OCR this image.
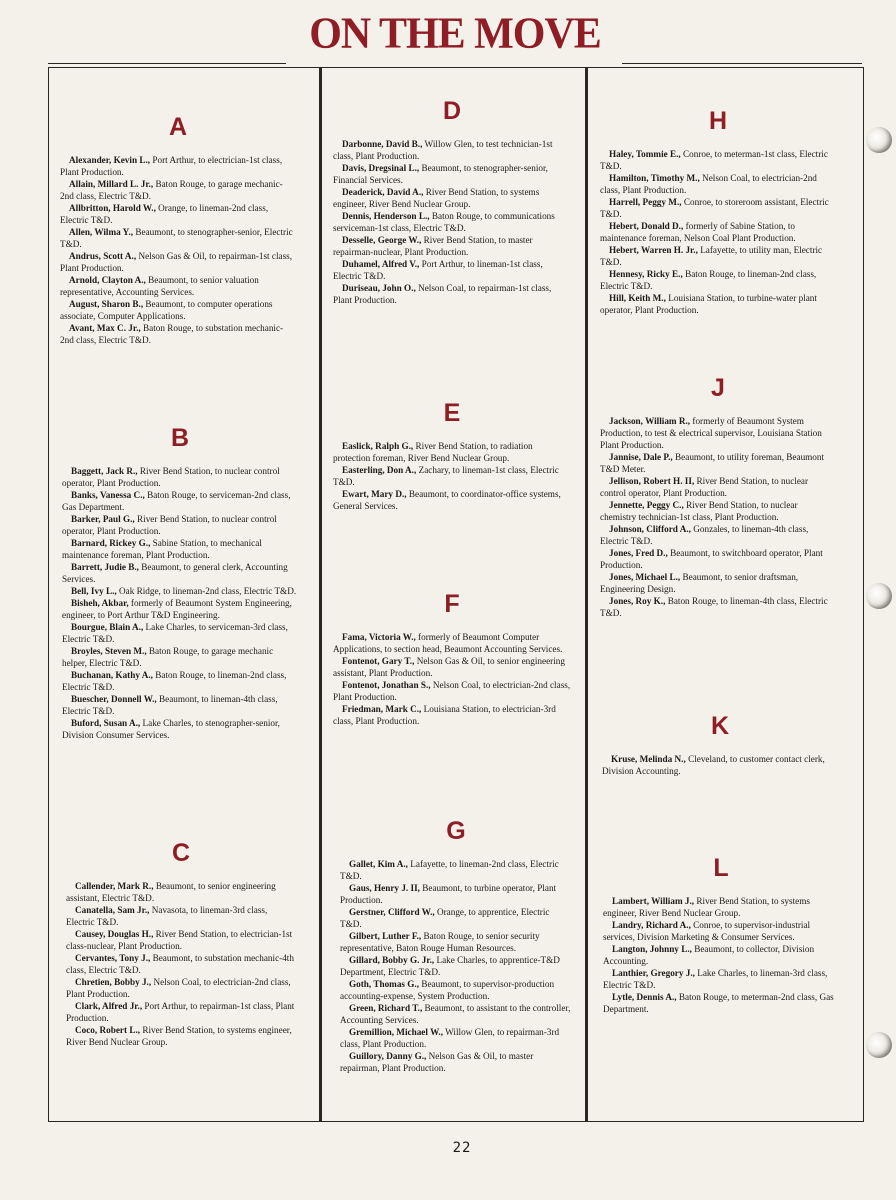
ON THE MOVE
A

Alexander, Kevin L., Port Arthur, to electrician-1st class, Plant Production.

Allain, Millard L. Jr., Baton Rouge, to garage mechanic-2nd class, Electric T&D.

Allbritton, Harold W., Orange, to lineman-2nd class, Electric T&D.

Allen, Wilma Y., Beaumont, to stenographer-senior, Electric T&D.

Andrus, Scott A., Nelson Gas & Oil, to repairman-1st class, Plant Production.

Arnold, Clayton A., Beaumont, to senior valuation representative, Accounting Services.

August, Sharon B., Beaumont, to computer operations associate, Computer Applications.

Avant, Max C. Jr., Baton Rouge, to substation mechanic-2nd class, Electric T&D.

B

Baggett, Jack R., River Bend Station, to nuclear control operator, Plant Production.

Banks, Vanessa C., Baton Rouge, to serviceman-2nd class, Gas Department.

Barker, Paul G., River Bend Station, to nuclear control operator, Plant Production.

Barnard, Rickey G., Sabine Station, to mechanical maintenance foreman, Plant Production.

Barrett, Judie B., Beaumont, to general clerk, Accounting Services.

Bell, Ivy L., Oak Ridge, to lineman-2nd class, Electric T&D.

Bisheh, Akbar, formerly of Beaumont System Engineering, engineer, to Port Arthur T&D Engineering.

Bourgue, Blain A., Lake Charles, to serviceman-3rd class, Electric T&D.

Broyles, Steven M., Baton Rouge, to garage mechanic helper, Electric T&D.

Buchanan, Kathy A., Baton Rouge, to lineman-2nd class, Electric T&D.

Buescher, Donnell W., Beaumont, to lineman-4th class, Electric T&D.

Buford, Susan A., Lake Charles, to stenographer-senior, Division Consumer Services.

C

Callender, Mark R., Beaumont, to senior engineering assistant, Electric T&D.

Canatella, Sam Jr., Navasota, to lineman-3rd class, Electric T&D.

Causey, Douglas H., River Bend Station, to electrician-1st class-nuclear, Plant Production.

Cervantes, Tony J., Beaumont, to substation mechanic-4th class, Electric T&D.

Chretien, Bobby J., Nelson Coal, to electrician-2nd class, Plant Production.

Clark, Alfred Jr., Port Arthur, to repairman-1st class, Plant Production.

Coco, Robert L., River Bend Station, to systems engineer, River Bend Nuclear Group.

D

Darbonne, David B., Willow Glen, to test technician-1st class, Plant Production.

Davis, Dregsinal L., Beaumont, to stenographer-senior, Financial Services.

Deaderick, David A., River Bend Station, to systems engineer, River Bend Nuclear Group.

Dennis, Henderson L., Baton Rouge, to communications serviceman-1st class, Electric T&D.

Desselle, George W., River Bend Station, to master repairman-nuclear, Plant Production.

Duhamel, Alfred V., Port Arthur, to lineman-1st class, Electric T&D.

Duriseau, John O., Nelson Coal, to repairman-1st class, Plant Production.

E

Easlick, Ralph G., River Bend Station, to radiation protection foreman, River Bend Nuclear Group.

Easterling, Don A., Zachary, to lineman-1st class, Electric T&D.

Ewart, Mary D., Beaumont, to coordinator-office systems, General Services.

F

Fama, Victoria W., formerly of Beaumont Computer Applications, to section head, Beaumont Accounting Services.

Fontenot, Gary T., Nelson Gas & Oil, to senior engineering assistant, Plant Production.

Fontenot, Jonathan S., Nelson Coal, to electrician-2nd class, Plant Production.

Friedman, Mark C., Louisiana Station, to electrician-3rd class, Plant Production.

G

Gallet, Kim A., Lafayette, to lineman-2nd class, Electric T&D.

Gaus, Henry J. II, Beaumont, to turbine operator, Plant Production.

Gerstner, Clifford W., Orange, to apprentice, Electric T&D.

Gilbert, Luther F., Baton Rouge, to senior security representative, Baton Rouge Human Resources.

Gillard, Bobby G. Jr., Lake Charles, to apprentice-T&D Department, Electric T&D.

Goth, Thomas G., Beaumont, to supervisor-production accounting-expense, System Production.

Green, Richard T., Beaumont, to assistant to the controller, Accounting Services.

Gremillion, Michael W., Willow Glen, to repairman-3rd class, Plant Production.

Guillory, Danny G., Nelson Gas & Oil, to master repairman, Plant Production.

H

Haley, Tommie E., Conroe, to meterman-1st class, Electric T&D.

Hamilton, Timothy M., Nelson Coal, to electrician-2nd class, Plant Production.

Harrell, Peggy M., Conroe, to storeroom assistant, Electric T&D.

Hebert, Donald D., formerly of Sabine Station, to maintenance foreman, Nelson Coal Plant Production.

Hebert, Warren H. Jr., Lafayette, to utility man, Electric T&D.

Hennesy, Ricky E., Baton Rouge, to lineman-2nd class, Electric T&D.

Hill, Keith M., Louisiana Station, to turbine-water plant operator, Plant Production.

J

Jackson, William R., formerly of Beaumont System Production, to test & electrical supervisor, Louisiana Station Plant Production.

Jannise, Dale P., Beaumont, to utility foreman, Beaumont T&D Meter.

Jellison, Robert H. II, River Bend Station, to nuclear control operator, Plant Production.

Jennette, Peggy C., River Bend Station, to nuclear chemistry technician-1st class, Plant Production.

Johnson, Clifford A., Gonzales, to lineman-4th class, Electric T&D.

Jones, Fred D., Beaumont, to switchboard operator, Plant Production.

Jones, Michael L., Beaumont, to senior draftsman, Engineering Design.

Jones, Roy K., Baton Rouge, to lineman-4th class, Electric T&D.

K

Kruse, Melinda N., Cleveland, to customer contact clerk, Division Accounting.

L

Lambert, William J., River Bend Station, to systems engineer, River Bend Nuclear Group.

Landry, Richard A., Conroe, to supervisor-industrial services, Division Marketing & Consumer Services.

Langton, Johnny L., Beaumont, to collector, Division Accounting.

Lanthier, Gregory J., Lake Charles, to lineman-3rd class, Electric T&D.

Lytle, Dennis A., Baton Rouge, to meterman-2nd class, Gas Department.

22
